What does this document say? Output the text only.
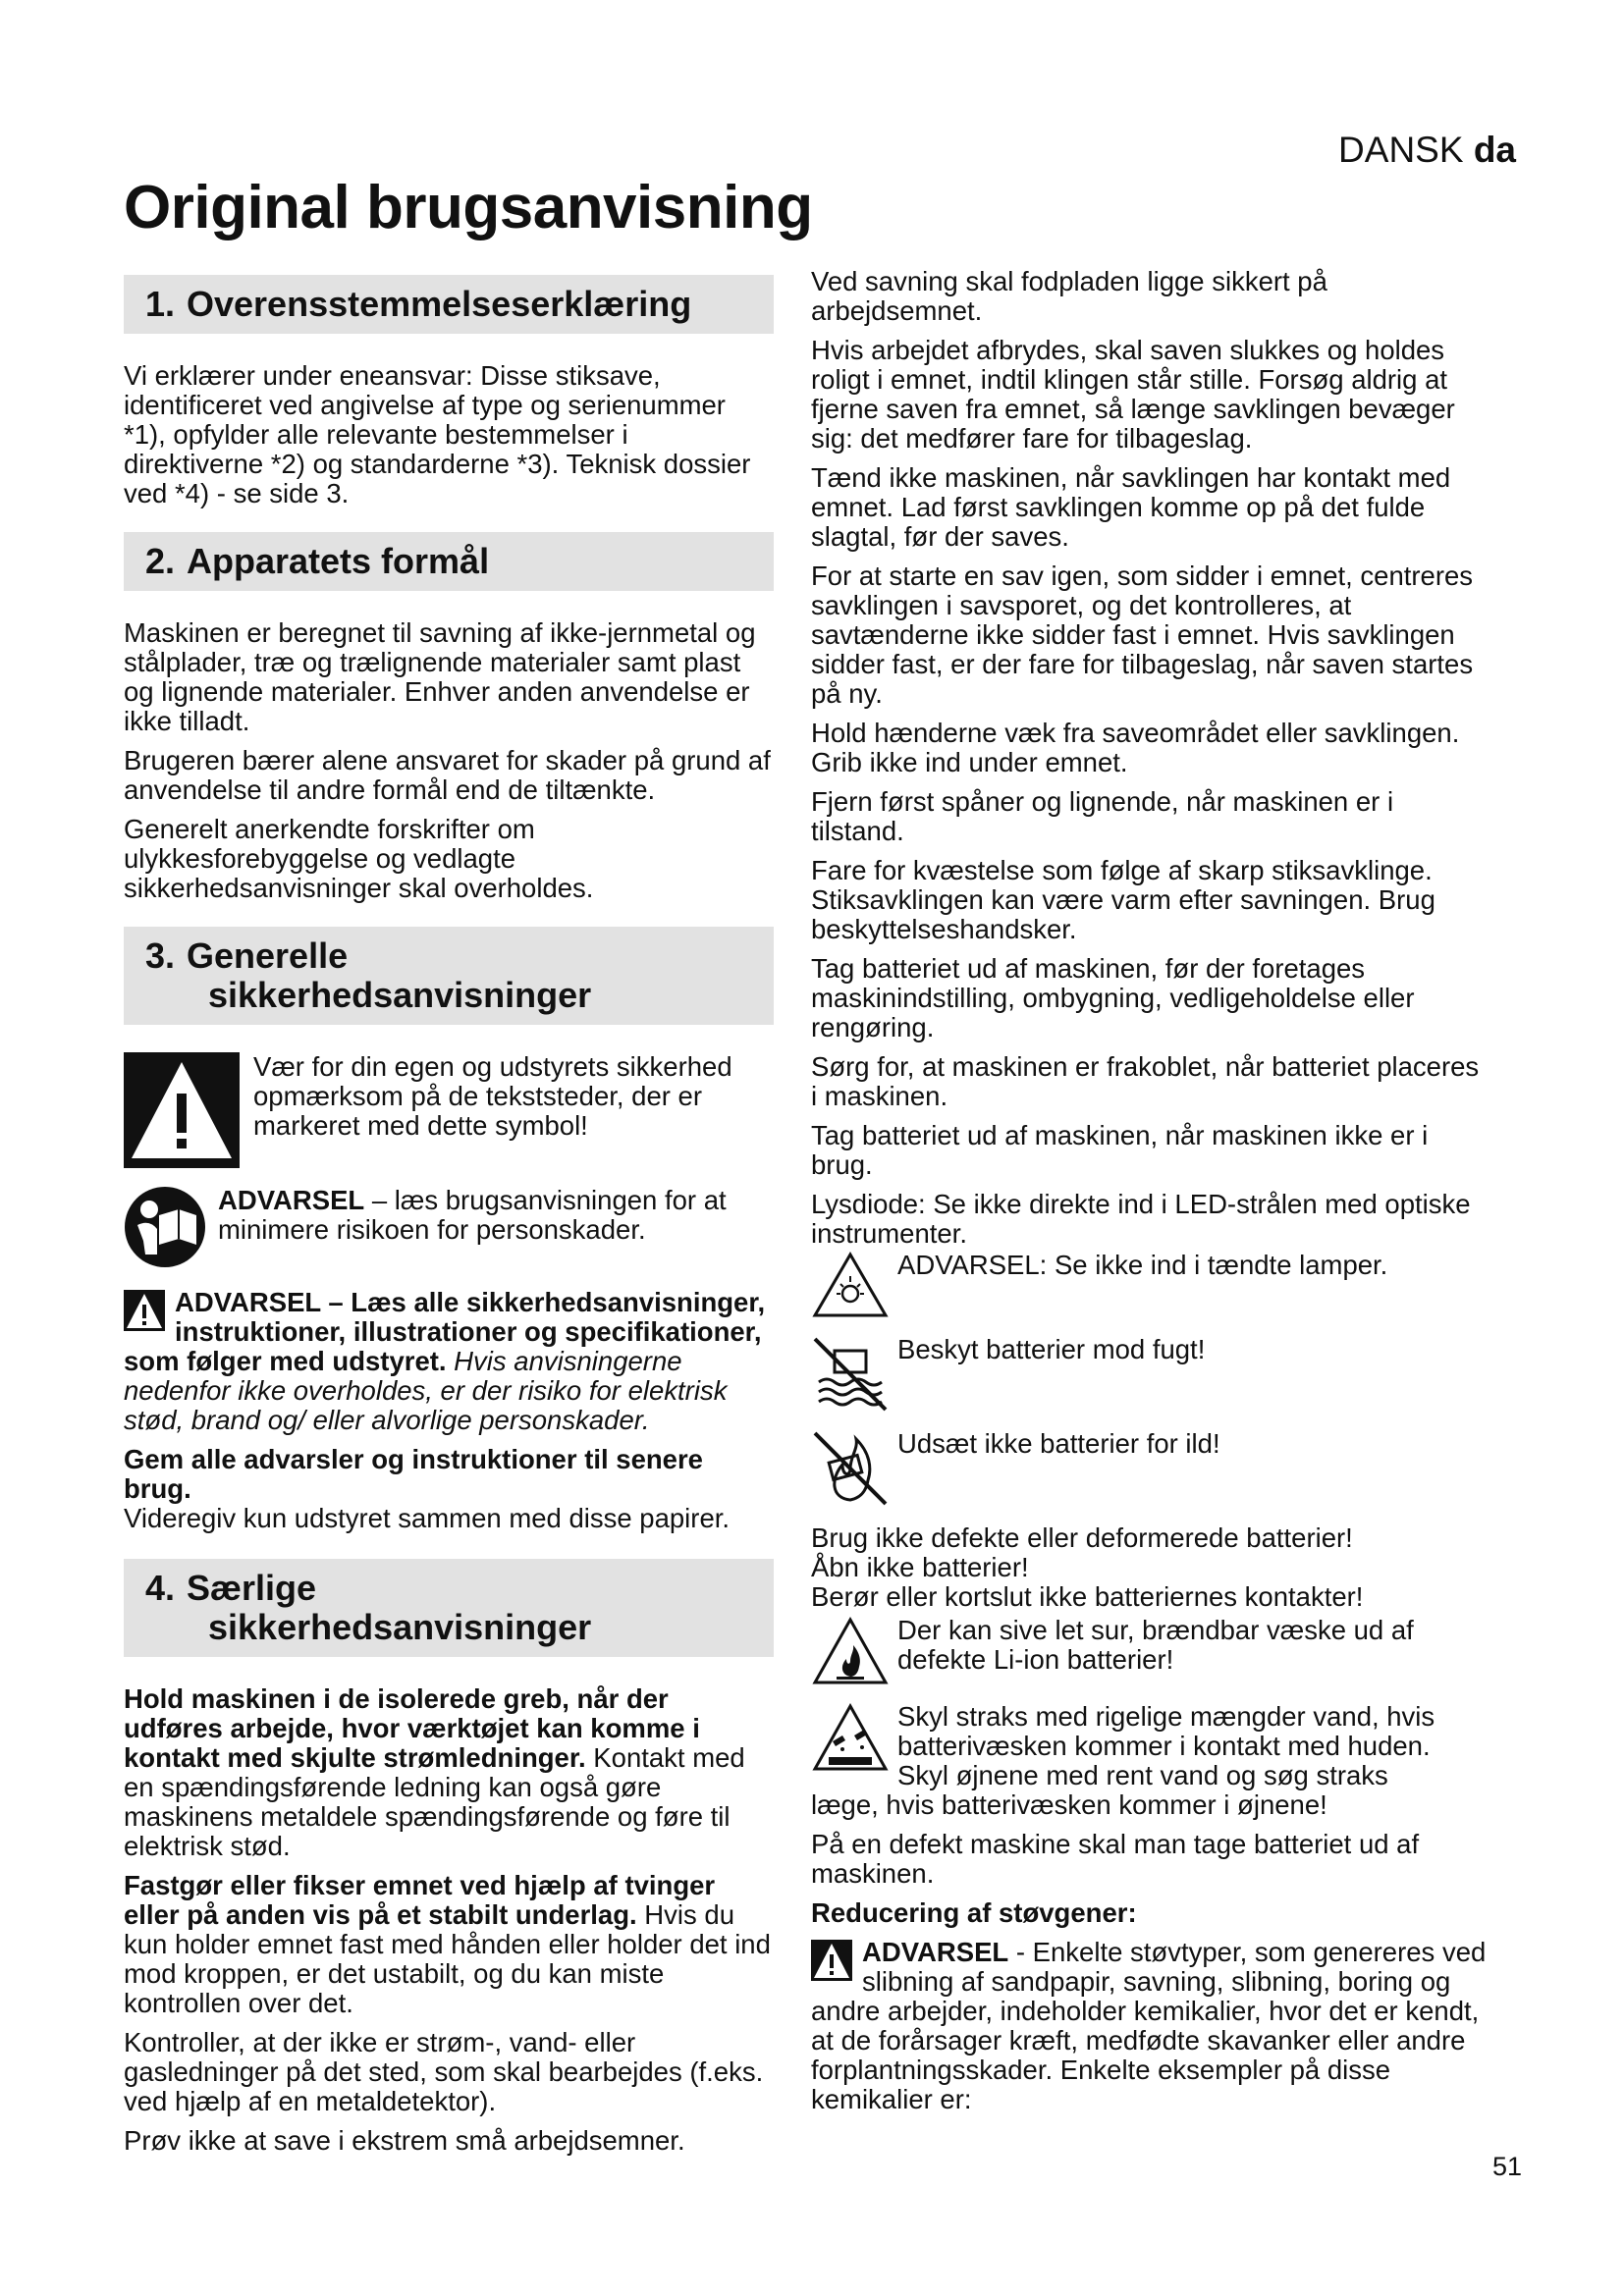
DANSK da
Original brugsanvisning
1. Overensstemmelseserklæring

Vi erklærer under eneansvar: Disse stiksave, identificeret ved angivelse af type og serienummer *1), opfylder alle relevante bestemmelser i direktiverne *2) og standarderne *3). Teknisk dossier ved *4) - se side 3.

2. Apparatets formål

Maskinen er beregnet til savning af ikke-jernmetal og stålplader, træ og trælignende materialer samt plast og lignende materialer. Enhver anden anvendelse er ikke tilladt.

Brugeren bærer alene ansvaret for skader på grund af anvendelse til andre formål end de tiltænkte.

Generelt anerkendte forskrifter om ulykkesforebyggelse og vedlagte sikkerhedsanvisninger skal overholdes.

3. Generelle
sikkerhedsanvisninger
Vær for din egen og udstyrets sikkerhed opmærksom på de tekststeder, der er markeret med dette symbol!
ADVARSEL – læs brugsanvisningen for at minimere risikoen for personskader.

ADVARSEL – Læs alle sikkerhedsanvisninger, instruktioner, illustrationer og specifikationer, som følger med udstyret. Hvis anvisningerne nedenfor ikke overholdes, er der risiko for elektrisk stød, brand og/ eller alvorlige personskader.

Gem alle advarsler og instruktioner til senere brug.

Videregiv kun udstyret sammen med disse papirer.

4. Særlige
sikkerhedsanvisninger

Hold maskinen i de isolerede greb, når der udføres arbejde, hvor værktøjet kan komme i kontakt med skjulte strømledninger. Kontakt med en spændingsførende ledning kan også gøre maskinens metaldele spændingsførende og føre til elektrisk stød.

Fastgør eller fikser emnet ved hjælp af tvinger eller på anden vis på et stabilt underlag. Hvis du kun holder emnet fast med hånden eller holder det ind mod kroppen, er det ustabilt, og du kan miste kontrollen over det.

Kontroller, at der ikke er strøm-, vand- eller gasledninger på det sted, som skal bearbejdes (f.eks. ved hjælp af en metaldetektor).

Prøv ikke at save i ekstrem små arbejdsemner.

Ved savning skal fodpladen ligge sikkert på arbejdsemnet.

Hvis arbejdet afbrydes, skal saven slukkes og holdes roligt i emnet, indtil klingen står stille. Forsøg aldrig at fjerne saven fra emnet, så længe savklingen bevæger sig: det medfører fare for tilbageslag.

Tænd ikke maskinen, når savklingen har kontakt med emnet. Lad først savklingen komme op på det fulde slagtal, før der saves.

For at starte en sav igen, som sidder i emnet, centreres savklingen i savsporet, og det kontrolleres, at savtænderne ikke sidder fast i emnet. Hvis savklingen sidder fast, er der fare for tilbageslag, når saven startes på ny.

Hold hænderne væk fra saveområdet eller savklingen. Grib ikke ind under emnet.

Fjern først spåner og lignende, når maskinen er i tilstand.

Fare for kvæstelse som følge af skarp stiksavklinge. Stiksavklingen kan være varm efter savningen. Brug beskyttelseshandsker.

Tag batteriet ud af maskinen, før der foretages maskinindstilling, ombygning, vedligeholdelse eller rengøring.

Sørg for, at maskinen er frakoblet, når batteriet placeres i maskinen.

Tag batteriet ud af maskinen, når maskinen ikke er i brug.

Lysdiode: Se ikke direkte ind i LED-strålen med optiske instrumenter.

ADVARSEL: Se ikke ind i tændte lamper.
Beskyt batterier mod fugt!
Udsæt ikke batterier for ild!

Brug ikke defekte eller deformerede batterier!

Åbn ikke batterier!

Berør eller kortslut ikke batteriernes kontakter!

Der kan sive let sur, brændbar væske ud af defekte Li-ion batterier!
Skyl straks med rigelige mængder vand, hvis batterivæsken kommer i kontakt med huden. Skyl øjnene med rent vand og søg straks

læge, hvis batterivæsken kommer i øjnene!

På en defekt maskine skal man tage batteriet ud af maskinen.

Reducering af støvgener:

ADVARSEL - Enkelte støvtyper, som genereres ved slibning af sandpapir, savning, slibning, boring og andre arbejder, indeholder kemikalier, hvor det er kendt, at de forårsager kræft, medfødte skavanker eller andre forplantningsskader. Enkelte eksempler på disse kemikalier er:

51
